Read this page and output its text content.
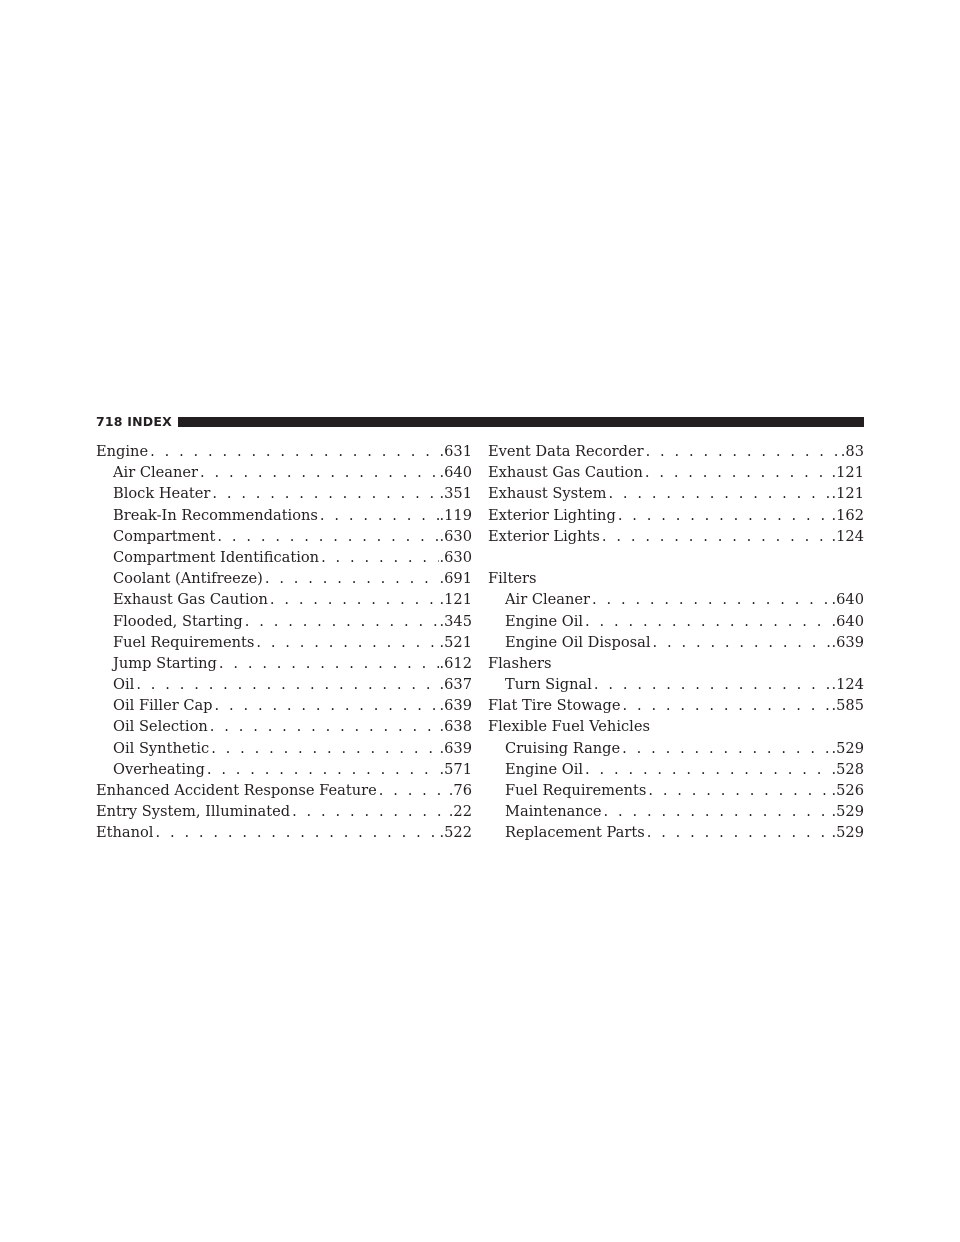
718 INDEX
Engine . . .	.631
Air Cleaner . . .	.640
Block Heater . . .	.351
Break-In Recommendations . . .	.119
Compartment . . .	.630
Compartment Identification . . .	.630
Coolant (Antifreeze) . . .	.691
Exhaust Gas Caution . . .	.121
Flooded, Starting . . .	.345
Fuel Requirements . . .	.521
Jump Starting . . .	.612
Oil . . .	.637
Oil Filler Cap . . .	.639
Oil Selection . . .	.638
Oil Synthetic . . .	.639
Overheating . . .	.571
Enhanced Accident Response Feature . . .	.76
Entry System, Illuminated . . .	.22
Ethanol . . .	.522
Event Data Recorder . . .	.83
Exhaust Gas Caution . . .	.121
Exhaust System . . .	.121
Exterior Lighting . . .	.162
Exterior Lights . . .	.124
Filters
Air Cleaner . . .	.640
Engine Oil . . .	.640
Engine Oil Disposal . . .	.639
Flashers
Turn Signal . . .	.124
Flat Tire Stowage . . .	.585
Flexible Fuel Vehicles
Cruising Range . . .	.529
Engine Oil . . .	.528
Fuel Requirements . . .	.526
Maintenance . . .	.529
Replacement Parts . . .	.529
